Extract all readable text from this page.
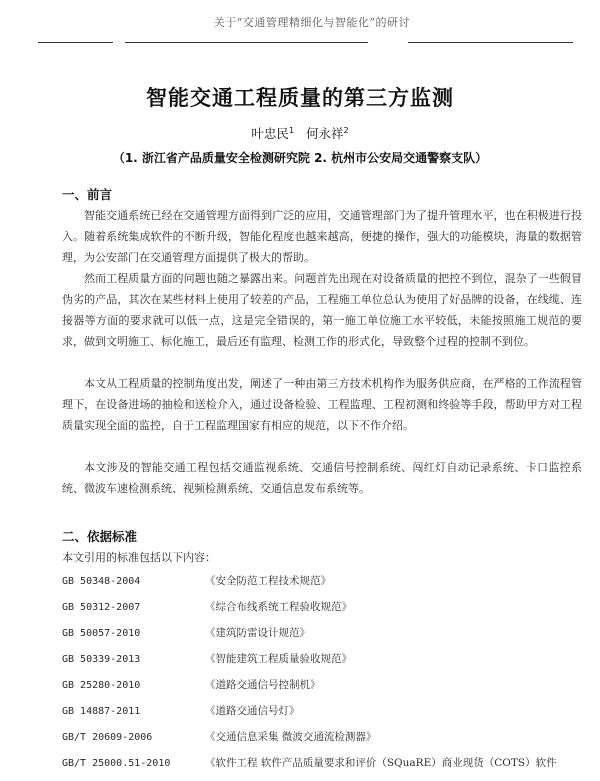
关于“交通管理精细化与智能化”的研讨
智能交通工程质量的第三方监测
叶忠民$^1$ 何永祥$^2$
（1. 浙江省产品质量安全检测研究院 2. 杭州市公安局交通警察支队）
一、前言

智能交通系统已经在交通管理方面得到广泛的应用，交通管理部门为了提升管理水平，也在积极进行投入。随着系统集成软件的不断升级，智能化程度也越来越高，便捷的操作，强大的功能模块，海量的数据管理，为公安部门在交通管理方面提供了极大的帮助。

然而工程质量方面的问题也随之暴露出来。问题首先出现在对设备质量的把控不到位，混杂了一些假冒伪劣的产品，其次在某些材料上使用了较差的产品，工程施工单位总认为使用了好品牌的设备，在线缆、连接器等方面的要求就可以低一点，这是完全错误的，第一施工单位施工水平较低，未能按照施工规范的要求，做到文明施工、标化施工，最后还有监理、检测工作的形式化，导致整个过程的控制不到位。

本文从工程质量的控制角度出发，阐述了一种由第三方技术机构作为服务供应商，在严格的工作流程管理下，在设备进场的抽检和送检介入，通过设备检验、工程监理、工程初测和终验等手段，帮助甲方对工程质量实现全面的监控，自于工程监理国家有相应的规范，以下不作介绍。

本文涉及的智能交通工程包括交通监视系统、交通信号控制系统、闯红灯自动记录系统、卡口监控系统、微波车速检测系统、视频检测系统、交通信息发布系统等。

二、依据标准
本文引用的标准包括以下内容：
GB 50348-2004	《安全防范工程技术规范》
GB 50312-2007	《综合布线系统工程验收规范》
GB 50057-2010	《建筑防雷设计规范》
GB 50339-2013	《智能建筑工程质量验收规范》
GB 25280-2010	《道路交通信号控制机》
GB 14887-2011	《道路交通信号灯》
GB/T 20609-2006	《交通信息采集 微波交通流检测器》
GB/T 25000.51-2010	《软件工程 软件产品质量要求和评价（SQuaRE）商业现货（COTS）软件
